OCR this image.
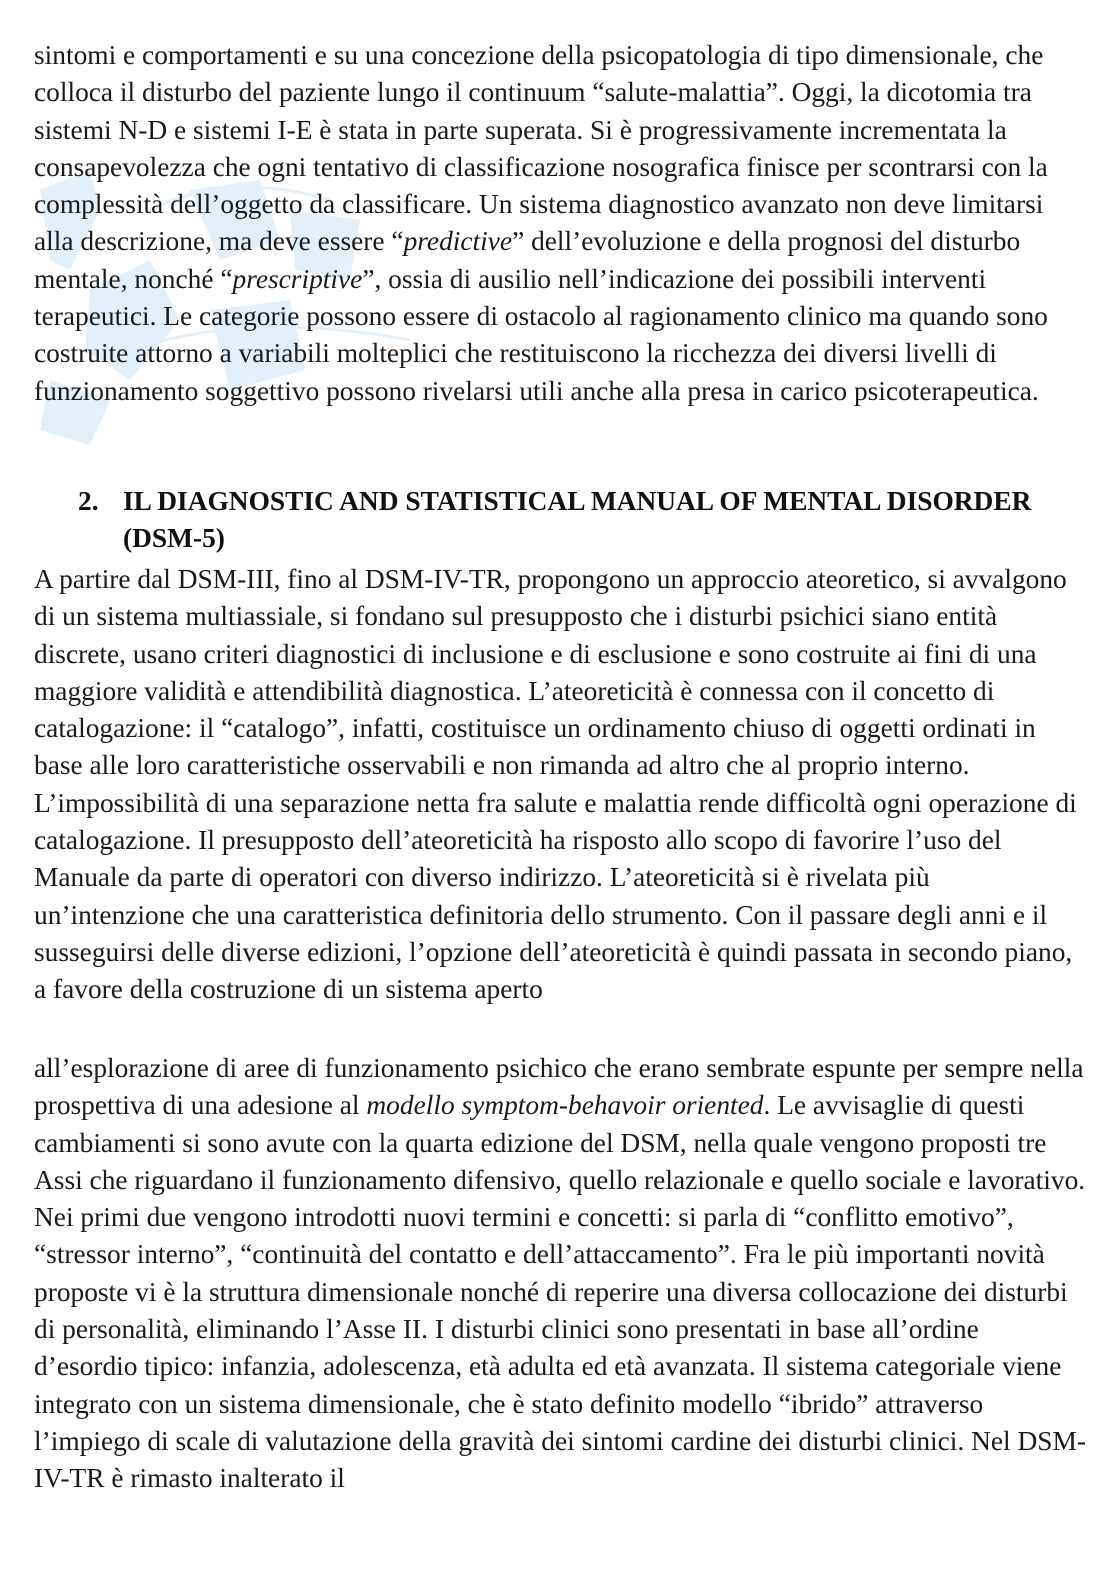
sintomi e comportamenti e su una concezione della psicopatologia di tipo dimensionale, che colloca il disturbo del paziente lungo il continuum “salute-malattia”. Oggi, la dicotomia tra sistemi N-D e sistemi I-E è stata in parte superata. Si è progressivamente incrementata la consapevolezza che ogni tentativo di classificazione nosografica finisce per scontrarsi con la complessità dell’oggetto da classificare. Un sistema diagnostico avanzato non deve limitarsi alla descrizione, ma deve essere “predictive” dell’evoluzione e della prognosi del disturbo mentale, nonché “prescriptive”, ossia di ausilio nell’indicazione dei possibili interventi terapeutici. Le categorie possono essere di ostacolo al ragionamento clinico ma quando sono costruite attorno a variabili molteplici che restituiscono la ricchezza dei diversi livelli di funzionamento soggettivo possono rivelarsi utili anche alla presa in carico psicoterapeutica.

2. IL DIAGNOSTIC AND STATISTICAL MANUAL OF MENTAL DISORDER (DSM-5)

A partire dal DSM-III, fino al DSM-IV-TR, propongono un approccio ateoretico, si avvalgono di un sistema multiassiale, si fondano sul presupposto che i disturbi psichici siano entità discrete, usano criteri diagnostici di inclusione e di esclusione e sono costruite ai fini di una maggiore validità e attendibilità diagnostica. L’ateoreticità è connessa con il concetto di catalogazione: il “catalogo”, infatti, costituisce un ordinamento chiuso di oggetti ordinati in base alle loro caratteristiche osservabili e non rimanda ad altro che al proprio interno. L’impossibilità di una separazione netta fra salute e malattia rende difficoltà ogni operazione di catalogazione. Il presupposto dell’ateoreticità ha risposto allo scopo di favorire l’uso del Manuale da parte di operatori con diverso indirizzo. L’ateoreticità si è rivelata più un’intenzione che una caratteristica definitoria dello strumento. Con il passare degli anni e il susseguirsi delle diverse edizioni, l’opzione dell’ateoreticità è quindi passata in secondo piano, a favore della costruzione di un sistema aperto

all’esplorazione di aree di funzionamento psichico che erano sembrate espunte per sempre nella prospettiva di una adesione al modello symptom-behavoir oriented. Le avvisaglie di questi cambiamenti si sono avute con la quarta edizione del DSM, nella quale vengono proposti tre Assi che riguardano il funzionamento difensivo, quello relazionale e quello sociale e lavorativo. Nei primi due vengono introdotti nuovi termini e concetti: si parla di “conflitto emotivo”, “stressor interno”, “continuità del contatto e dell’attaccamento”. Fra le più importanti novità proposte vi è la struttura dimensionale nonché di reperire una diversa collocazione dei disturbi di personalità, eliminando l’Asse II. I disturbi clinici sono presentati in base all’ordine d’esordio tipico: infanzia, adolescenza, età adulta ed età avanzata. Il sistema categoriale viene integrato con un sistema dimensionale, che è stato definito modello “ibrido” attraverso l’impiego di scale di valutazione della gravità dei sintomi cardine dei disturbi clinici. Nel DSM-IV-TR è rimasto inalterato il
